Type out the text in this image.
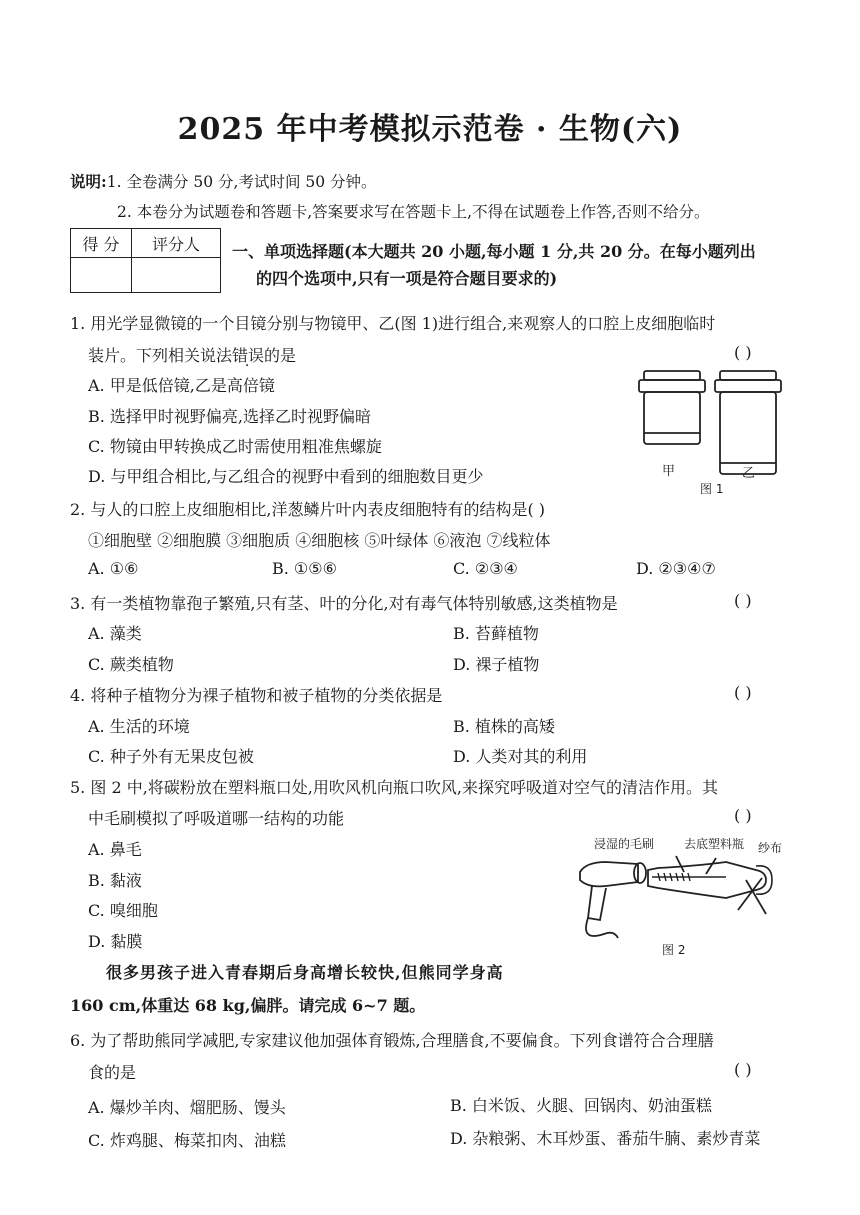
2025 年中考模拟示范卷 · 生物(六)
说明:1. 全卷满分 50 分,考试时间 50 分钟。
2. 本卷分为试题卷和答题卡,答案要求写在答题卡上,不得在试题卷上作答,否则不给分。
得 分	评分人
	一、单项选择题(本大题共 20 小题,每小题 1 分,共 20 分。在每小题列出
的四个选项中,只有一项是符合题目要求的)
1. 用光学显微镜的一个目镜分别与物镜甲、乙(图 1)进行组合,来观察人的口腔上皮细胞临时
装片。下列相关说法错误的是	( )
A. 甲是低倍镜,乙是高倍镜
B. 选择甲时视野偏亮,选择乙时视野偏暗
C. 物镜由甲转换成乙时需使用粗准焦螺旋
D. 与甲组合相比,与乙组合的视野中看到的细胞数目更少	甲	乙
图 1
2. 与人的口腔上皮细胞相比,洋葱鳞片叶内表皮细胞特有的结构是( )
①细胞壁 ②细胞膜 ③细胞质 ④细胞核 ⑤叶绿体 ⑥液泡 ⑦线粒体
A. ①⑥	B. ①⑤⑥	C. ②③④	D. ②③④⑦
3. 有一类植物靠孢子繁殖,只有茎、叶的分化,对有毒气体特别敏感,这类植物是	( )
A. 藻类	B. 苔藓植物
C. 蕨类植物	D. 裸子植物
4. 将种子植物分为裸子植物和被子植物的分类依据是	( )
A. 生活的环境	B. 植株的高矮
C. 种子外有无果皮包被	D. 人类对其的利用
5. 图 2 中,将碳粉放在塑料瓶口处,用吹风机向瓶口吹风,来探究呼吸道对空气的清洁作用。其
中毛刷模拟了呼吸道哪一结构的功能	( )
A. 鼻毛
B. 黏液
C. 嗅细胞
D. 黏膜
浸湿的毛刷 去底塑料瓶 纱布
图 2
很多男孩子进入青春期后身高增长较快,但熊同学身高
160 cm,体重达 68 kg,偏胖。请完成 6~7 题。
6. 为了帮助熊同学减肥,专家建议他加强体育锻炼,合理膳食,不要偏食。下列食谱符合合理膳
食的是	( )
A. 爆炒羊肉、熘肥肠、馒头	B. 白米饭、火腿、回锅肉、奶油蛋糕
C. 炸鸡腿、梅菜扣肉、油糕	D. 杂粮粥、木耳炒蛋、番茄牛腩、素炒青菜
